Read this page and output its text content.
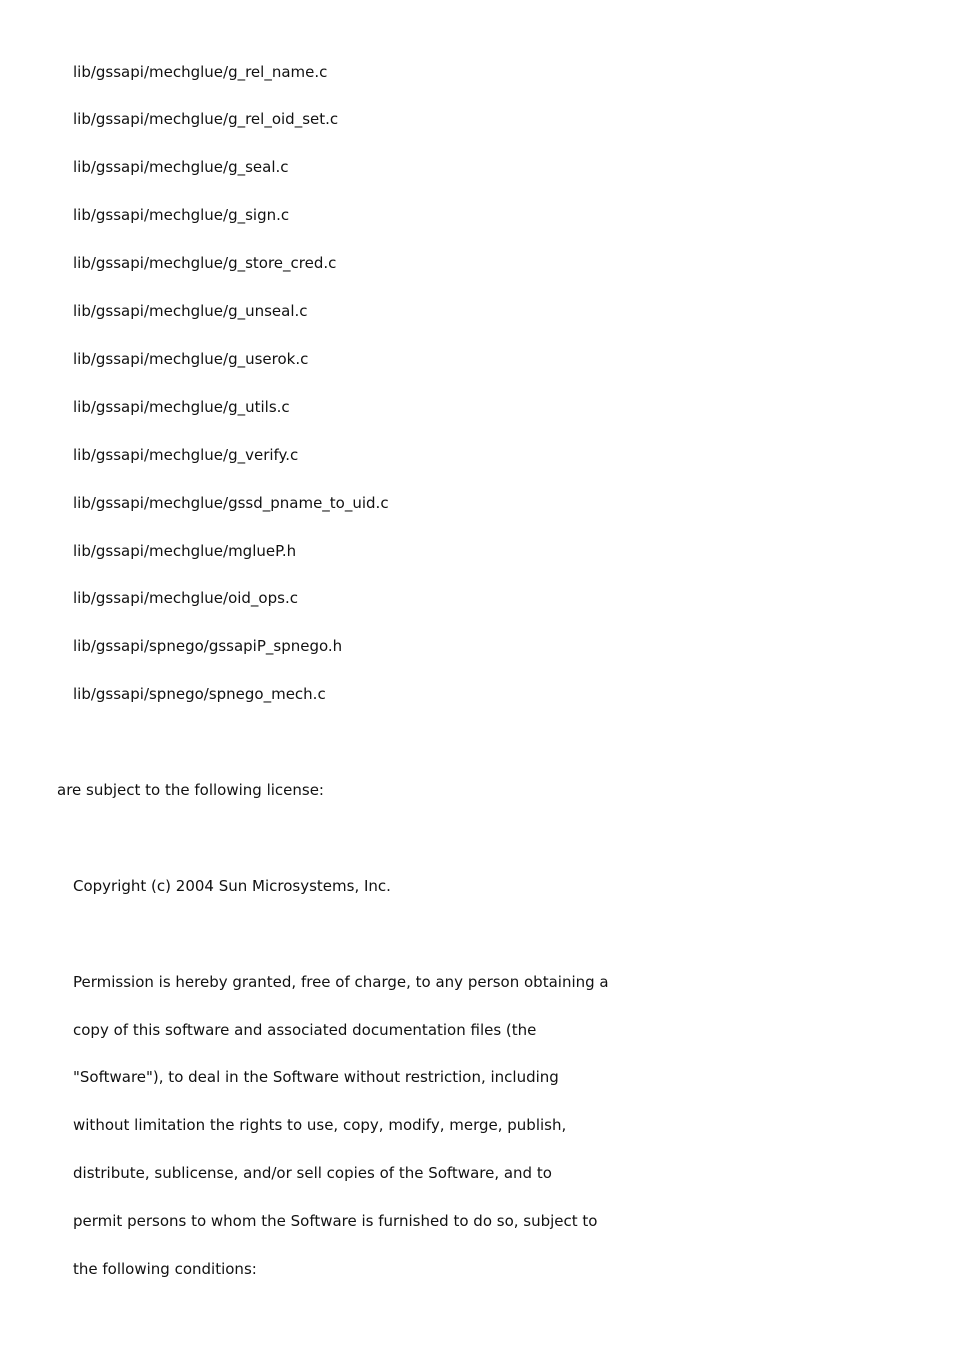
lib/gssapi/mechglue/g_rel_name.c
lib/gssapi/mechglue/g_rel_oid_set.c
lib/gssapi/mechglue/g_seal.c
lib/gssapi/mechglue/g_sign.c
lib/gssapi/mechglue/g_store_cred.c
lib/gssapi/mechglue/g_unseal.c
lib/gssapi/mechglue/g_userok.c
lib/gssapi/mechglue/g_utils.c
lib/gssapi/mechglue/g_verify.c
lib/gssapi/mechglue/gssd_pname_to_uid.c
lib/gssapi/mechglue/mglueP.h
lib/gssapi/mechglue/oid_ops.c
lib/gssapi/spnego/gssapiP_spnego.h
lib/gssapi/spnego/spnego_mech.c
are subject to the following license:
Copyright (c) 2004 Sun Microsystems, Inc.
Permission is hereby granted, free of charge, to any person obtaining a
copy of this software and associated documentation files (the
"Software"), to deal in the Software without restriction, including
without limitation the rights to use, copy, modify, merge, publish,
distribute, sublicense, and/or sell copies of the Software, and to
permit persons to whom the Software is furnished to do so, subject to
the following conditions:
